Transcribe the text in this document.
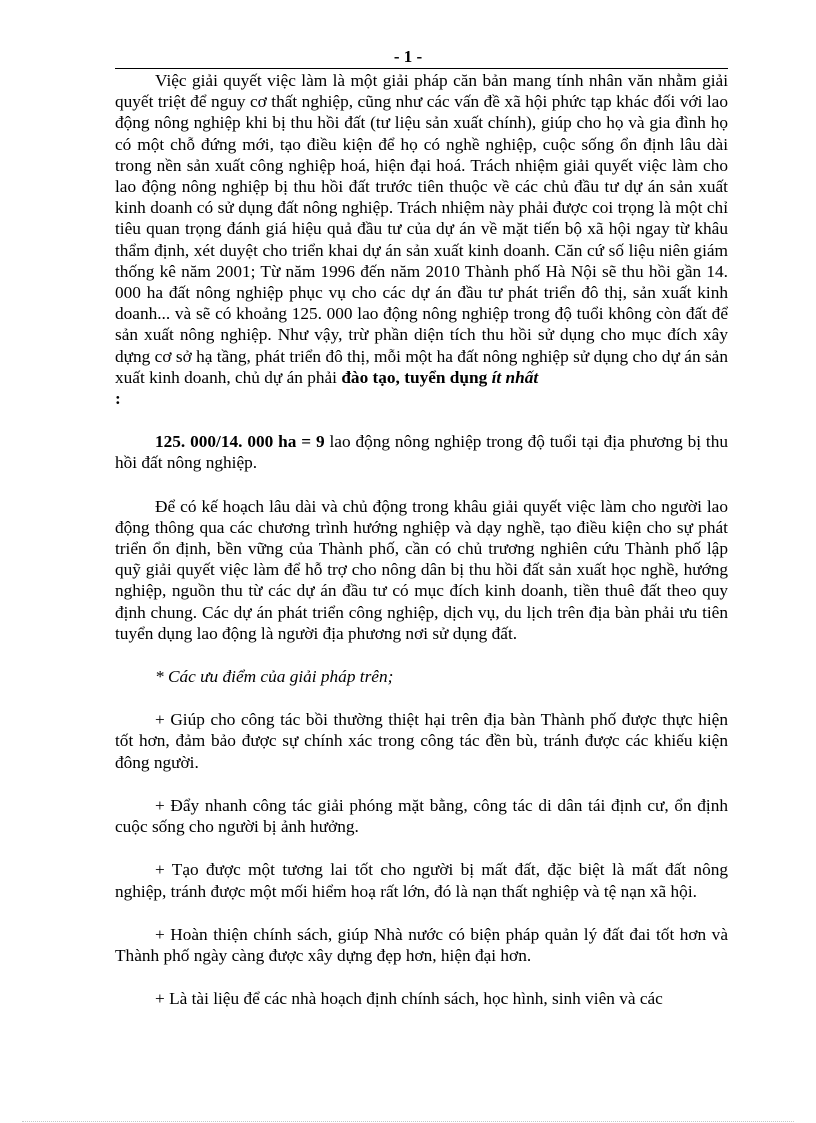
- 1 -

Việc giải quyết việc làm là một giải pháp căn bản mang tính nhân văn nhằm giải quyết triệt để nguy cơ thất nghiệp, cũng như các vấn đề xã hội phức tạp khác đối với lao động nông nghiệp khi bị thu hồi đất (tư liệu sản xuất chính), giúp cho họ và gia đình họ có một chỗ đứng mới, tạo điều kiện để họ có nghề nghiệp, cuộc sống ổn định lâu dài trong nền sản xuất công nghiệp hoá, hiện đại hoá. Trách nhiệm giải quyết việc làm cho lao động nông nghiệp bị thu hồi đất trước tiên thuộc về các chủ đầu tư dự án sản xuất kinh doanh có sử dụng đất nông nghiệp. Trách nhiệm này phải được coi trọng là một chỉ tiêu quan trọng đánh giá hiệu quả đầu tư của dự án về mặt tiến bộ xã hội ngay từ khâu thẩm định, xét duyệt cho triển khai dự án sản xuất kinh doanh. Căn cứ số liệu niên giám thống kê năm 2001; Từ năm 1996 đến năm 2010 Thành phố Hà Nội sẽ thu hồi gần 14. 000 ha đất nông nghiệp phục vụ cho các dự án đầu tư phát triển đô thị, sản xuất kinh doanh... và sẽ có khoảng 125. 000 lao động nông nghiệp trong độ tuổi không còn đất để sản xuất nông nghiệp. Như vậy, trừ phần diện tích thu hồi sử dụng cho mục đích xây dựng cơ sở hạ tầng, phát triển đô thị, mỗi một ha đất nông nghiệp sử dụng cho dự án sản xuất kinh doanh, chủ dự án phải đào tạo, tuyển dụng ít nhất
:

125. 000/14. 000 ha = 9 lao động nông nghiệp trong độ tuổi tại địa phương bị thu hồi đất nông nghiệp.

Để có kế hoạch lâu dài và chủ động trong khâu giải quyết việc làm cho người lao động thông qua các chương trình hướng nghiệp và dạy nghề, tạo điều kiện cho sự phát triển ổn định, bền vững của Thành phố, cần có chủ trương nghiên cứu Thành phố lập quỹ giải quyết việc làm để hỗ trợ cho nông dân bị thu hồi đất sản xuất học nghề, hướng nghiệp, nguồn thu từ các dự án đầu tư có mục đích kinh doanh, tiền thuê đất theo quy định chung. Các dự án phát triển công nghiệp, dịch vụ, du lịch trên địa bàn phải ưu tiên tuyển dụng lao động là người địa phương nơi sử dụng đất.

* Các ưu điểm của giải pháp trên;

+ Giúp cho công tác bồi thường thiệt hại trên địa bàn Thành phố được thực hiện tốt hơn, đảm bảo được sự chính xác trong công tác đền bù, tránh được các khiếu kiện đông người.

+ Đẩy nhanh công tác giải phóng mặt bằng, công tác di dân tái định cư, ổn định cuộc sống cho người bị ảnh hưởng.

+ Tạo được một tương lai tốt cho người bị mất đất, đặc biệt là mất đất nông nghiệp, tránh được một mối hiểm hoạ rất lớn, đó là nạn thất nghiệp và tệ nạn xã hội.

+ Hoàn thiện chính sách, giúp Nhà nước có biện pháp quản lý đất đai tốt hơn và Thành phố ngày càng được xây dựng đẹp hơn, hiện đại hơn.

+ Là tài liệu để các nhà hoạch định chính sách, học hình, sinh viên và các
